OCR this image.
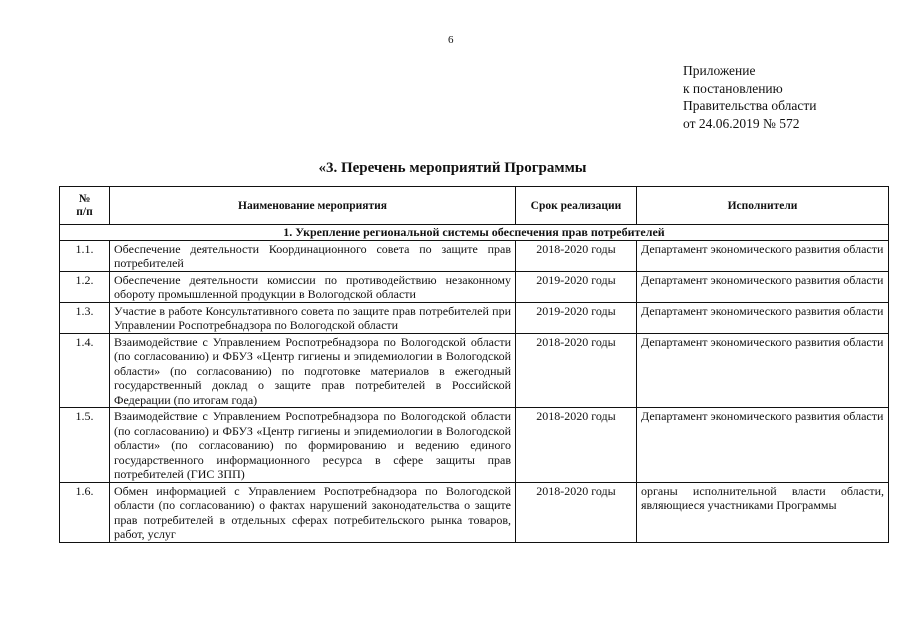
6
Приложение
к постановлению
Правительства области
от 24.06.2019 № 572
«3. Перечень мероприятий Программы
№
п/п	Наименование мероприятия	Срок реализации	Исполнители
1. Укрепление региональной системы обеспечения прав потребителей			
1.1.	Обеспечение деятельности Координационного совета по защите прав потребителей	2018-2020 годы	Департамент экономического развития области
1.2.	Обеспечение деятельности комиссии по противодействию незаконному обороту промышленной продукции в Вологодской области	2019-2020 годы	Департамент экономического развития области
1.3.	Участие в работе Консультативного совета по защите прав потребителей при Управлении Роспотребнадзора по Вологодской области	2019-2020 годы	Департамент экономического развития области
1.4.	Взаимодействие с Управлением Роспотребнадзора по Вологодской области (по согласованию) и ФБУЗ «Центр гигиены и эпидемиологии в Вологодской области» (по согласованию) по подготовке материалов в ежегодный государственный доклад о защите прав потребителей в Российской Федерации (по итогам года)	2018-2020 годы	Департамент экономического развития области
1.5.	Взаимодействие с Управлением Роспотребнадзора по Вологодской области (по согласованию) и ФБУЗ «Центр гигиены и эпидемиологии в Вологодской области» (по согласованию) по формированию и ведению единого государственного информационного ресурса в сфере защиты прав потребителей (ГИС ЗПП)	2018-2020 годы	Департамент экономического развития области
1.6.	Обмен информацией с Управлением Роспотребнадзора по Вологодской области (по согласованию) о фактах нарушений законодательства о защите прав потребителей в отдельных сферах потребительского рынка товаров, работ, услуг	2018-2020 годы	органы исполнительной власти области, являющиеся участниками Программы
